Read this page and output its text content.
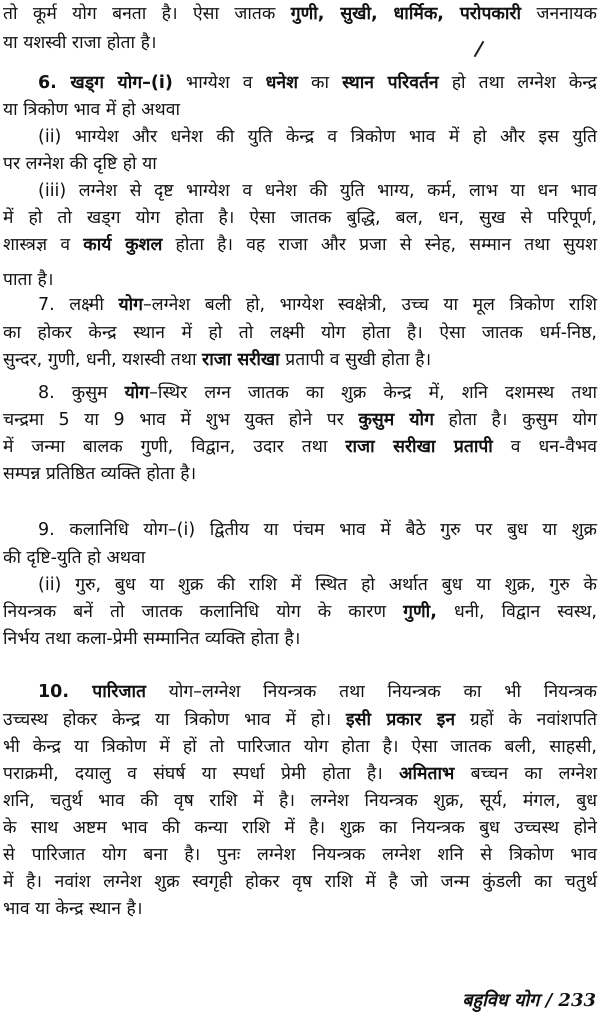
तो कूर्म योग बनता है। ऐसा जातक गुणी, सुखी, धार्मिक, परोपकारी जननायक
या यशस्वी राजा होता है।
6. खड्ग योग–(i) भाग्येश व धनेश का स्थान परिवर्तन हो तथा लग्नेश केन्द्र
या त्रिकोण भाव में हो अथवा
(ii) भाग्येश और धनेश की युति केन्द्र व त्रिकोण भाव में हो और इस युति
पर लग्नेश की दृष्टि हो या
(iii) लग्नेश से दृष्ट भाग्येश व धनेश की युति भाग्य, कर्म, लाभ या धन भाव
में हो तो खड्ग योग होता है। ऐसा जातक बुद्धि, बल, धन, सुख से परिपूर्ण,
शास्त्रज्ञ व कार्य कुशल होता है। वह राजा और प्रजा से स्नेह, सम्मान तथा सुयश
पाता है।
7. लक्ष्मी योग–लग्नेश बली हो, भाग्येश स्वक्षेत्री, उच्च या मूल त्रिकोण राशि
का होकर केन्द्र स्थान में हो तो लक्ष्मी योग होता है। ऐसा जातक धर्म-निष्ठ,
सुन्दर, गुणी, धनी, यशस्वी तथा राजा सरीखा प्रतापी व सुखी होता है।
8. कुसुम योग–स्थिर लग्न जातक का शुक्र केन्द्र में, शनि दशमस्थ तथा
चन्द्रमा 5 या 9 भाव में शुभ युक्त होने पर कुसुम योग होता है। कुसुम योग
में जन्मा बालक गुणी, विद्वान, उदार तथा राजा सरीखा प्रतापी व धन-वैभव
सम्पन्न प्रतिष्ठित व्यक्ति होता है।
9. कलानिधि योग–(i) द्वितीय या पंचम भाव में बैठे गुरु पर बुध या शुक्र
की दृष्टि-युति हो अथवा
(ii) गुरु, बुध या शुक्र की राशि में स्थित हो अर्थात बुध या शुक्र, गुरु के
नियन्त्रक बनें तो जातक कलानिधि योग के कारण गुणी, धनी, विद्वान स्वस्थ,
निर्भय तथा कला-प्रेमी सम्मानित व्यक्ति होता है।
10. पारिजात योग–लग्नेश नियन्त्रक तथा नियन्त्रक का भी नियन्त्रक
उच्चस्थ होकर केन्द्र या त्रिकोण भाव में हो। इसी प्रकार इन ग्रहों के नवांशपति
भी केन्द्र या त्रिकोण में हों तो पारिजात योग होता है। ऐसा जातक बली, साहसी,
पराक्रमी, दयालु व संघर्ष या स्पर्धा प्रेमी होता है। अमिताभ बच्चन का लग्नेश
शनि, चतुर्थ भाव की वृष राशि में है। लग्नेश नियन्त्रक शुक्र, सूर्य, मंगल, बुध
के साथ अष्टम भाव की कन्या राशि में है। शुक्र का नियन्त्रक बुध उच्चस्थ होने
से पारिजात योग बना है। पुनः लग्नेश नियन्त्रक लग्नेश शनि से त्रिकोण भाव
में है। नवांश लग्नेश शुक्र स्वगृही होकर वृष राशि में है जो जन्म कुंडली का चतुर्थ
भाव या केन्द्र स्थान है।
बहुविध योग / 233
